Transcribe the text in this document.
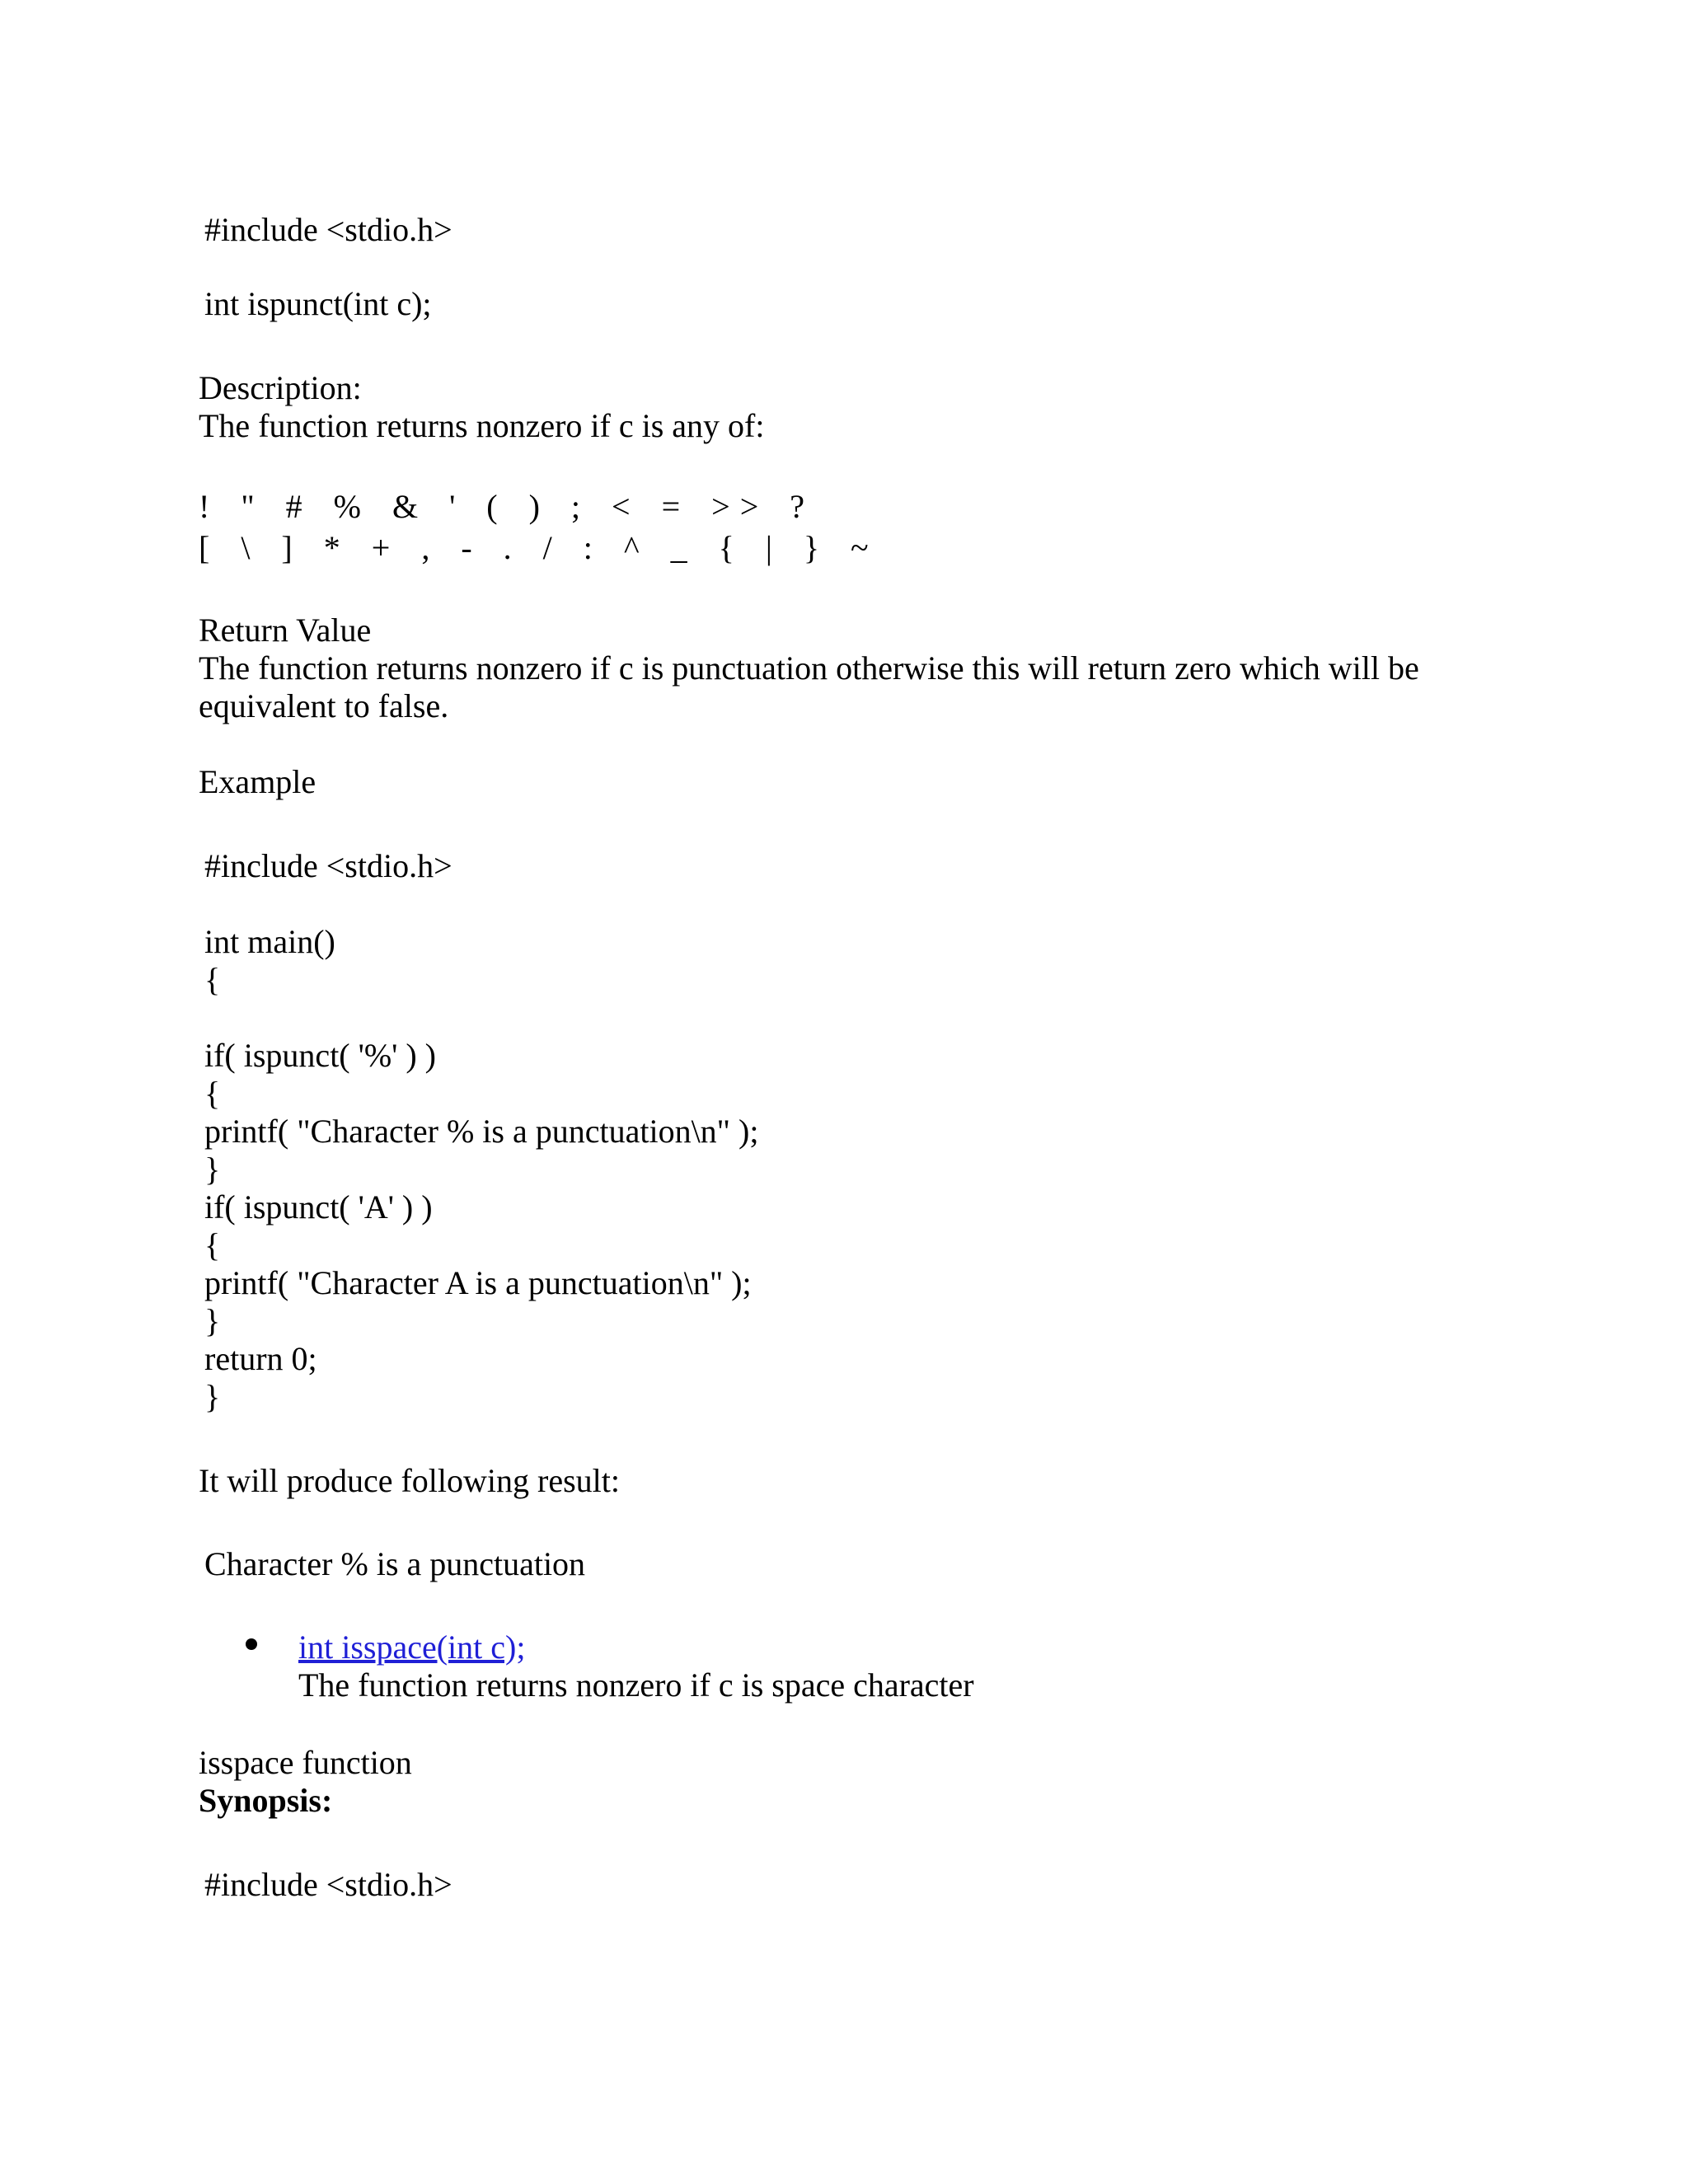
#include <stdio.h>
int ispunct(int c);
Description:
The function returns nonzero if c is any of:
! " # % & ' ( ) ; < = >> ?
[ \ ] * + , - . / : ^ _ { | } ~
Return Value
The function returns nonzero if c is punctuation otherwise this will return zero which will be
equivalent to false.
Example
#include <stdio.h>
int main()
{
if( ispunct( '%' ) )
{
printf( "Character % is a punctuation\n" );
}
if( ispunct( 'A' ) )
{
printf( "Character A is a punctuation\n" );
}
return 0;
}
It will produce following result:
Character % is a punctuation
int isspace(int c);
The function returns nonzero if c is space character
isspace function
Synopsis:
#include <stdio.h>
